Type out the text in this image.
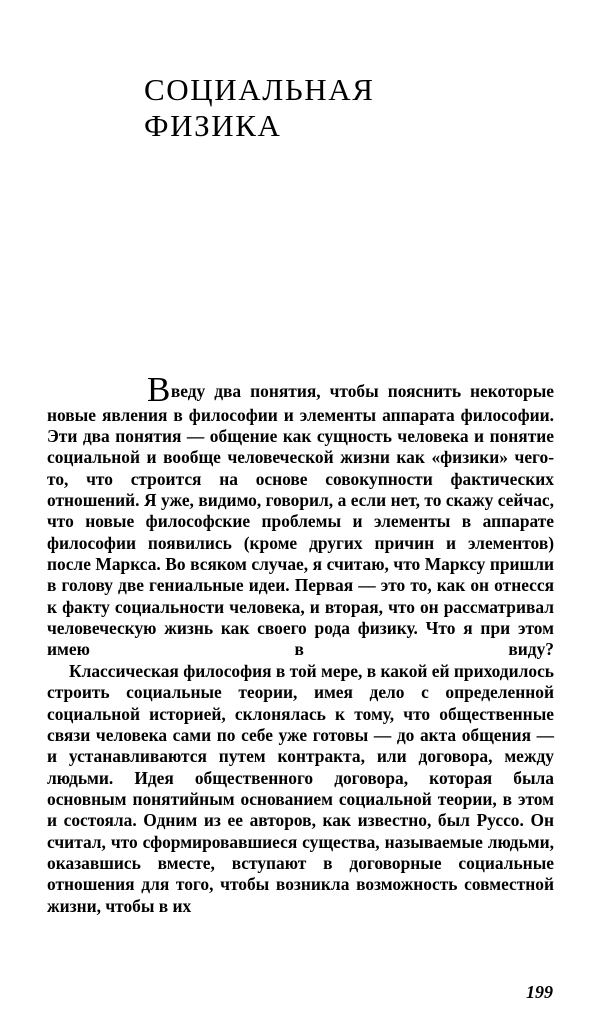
СОЦИАЛЬНАЯ
ФИЗИКА

Введу два понятия, чтобы пояснить некоторые новые явления в философии и элементы аппарата философии. Эти два понятия — общение как сущность человека и понятие социальной и вообще человеческой жизни как «физики» чего-то, что строится на основе совокупности фактических отношений. Я уже, видимо, говорил, а если нет, то скажу сейчас, что новые философские проблемы и элементы в аппарате философии появились (кроме других причин и элементов) после Маркса. Во всяком случае, я считаю, что Марксу пришли в голову две гениальные идеи. Первая — это то, как он отнесся к факту социальности человека, и вторая, что он рассматривал человеческую жизнь как своего рода физику. Что я при этом имею в виду?

Классическая философия в той мере, в какой ей приходилось строить социальные теории, имея дело с определенной социальной историей, склонялась к тому, что общественные связи человека сами по себе уже готовы — до акта общения — и устанавливаются путем контракта, или договора, между людьми. Идея общественного договора, которая была основным понятийным основанием социальной теории, в этом и состояла. Одним из ее авторов, как известно, был Руссо. Он считал, что сформировавшиеся существа, называемые людьми, оказавшись вместе, вступают в договорные социальные отношения для того, чтобы возникла возможность совместной жизни, чтобы в их

199
